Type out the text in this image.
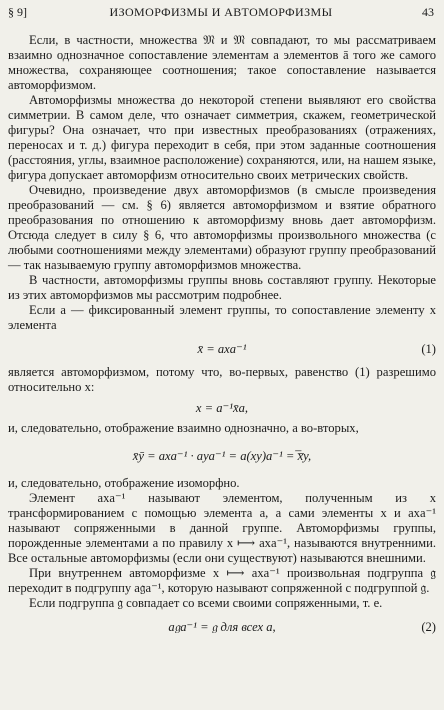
§ 9]	ИЗОМОРФИЗМЫ И АВТОМОРФИЗМЫ	43

Если, в частности, множества 𝔐 и 𝔐 совпадают, то мы рассматриваем взаимно однозначное сопоставление элементам a элементов ā того же самого множества, сохраняющее соотношения; такое сопоставление называется автоморфизмом.

Автоморфизмы множества до некоторой степени выявляют его свойства симметрии. В самом деле, что означает симметрия, скажем, геометрической фигуры? Она означает, что при известных преобразованиях (отражениях, переносах и т. д.) фигура переходит в себя, при этом заданные соотношения (расстояния, углы, взаимное расположение) сохраняются, или, на нашем языке, фигура допускает автоморфизм относительно своих метрических свойств.

Очевидно, произведение двух автоморфизмов (в смысле произведения преобразований — см. § 6) является автоморфизмом и взятие обратного преобразования по отношению к автоморфизму вновь дает автоморфизм. Отсюда следует в силу § 6, что автоморфизмы произвольного множества (с любыми соотношениями между элементами) образуют группу преобразований — так называемую группу автоморфизмов множества.

В частности, автоморфизмы группы вновь составляют группу. Некоторые из этих автоморфизмов мы рассмотрим подробнее.

Если a — фиксированный элемент группы, то сопоставление элементу x элемента

x̄ = axa⁻¹	(1)

является автоморфизмом, потому что, во-первых, равенство (1) разрешимо относительно x:

x = a⁻¹x̄a,

и, следовательно, отображение взаимно однозначно, а во-вторых,

x̄ȳ = axa⁻¹ · aya⁻¹ = a(xy)a⁻¹ = ̅x̅y,

и, следовательно, отображение изоморфно.

Элемент axa⁻¹ называют элементом, полученным из x трансформированием с помощью элемента a, а сами элементы x и axa⁻¹ называют сопряженными в данной группе. Автоморфизмы группы, порожденные элементами a по правилу x ⟼ axa⁻¹, называются внутренними. Все остальные автоморфизмы (если они существуют) называются внешними.

При внутреннем автоморфизме x ⟼ axa⁻¹ произвольная подгруппа 𝔤 переходит в подгруппу a𝔤a⁻¹, которую называют сопряженной с подгруппой 𝔤.

Если подгруппа 𝔤 совпадает со всеми своими сопряженными, т. е.

a𝔤a⁻¹ = 𝔤 для всех a,	(2)
